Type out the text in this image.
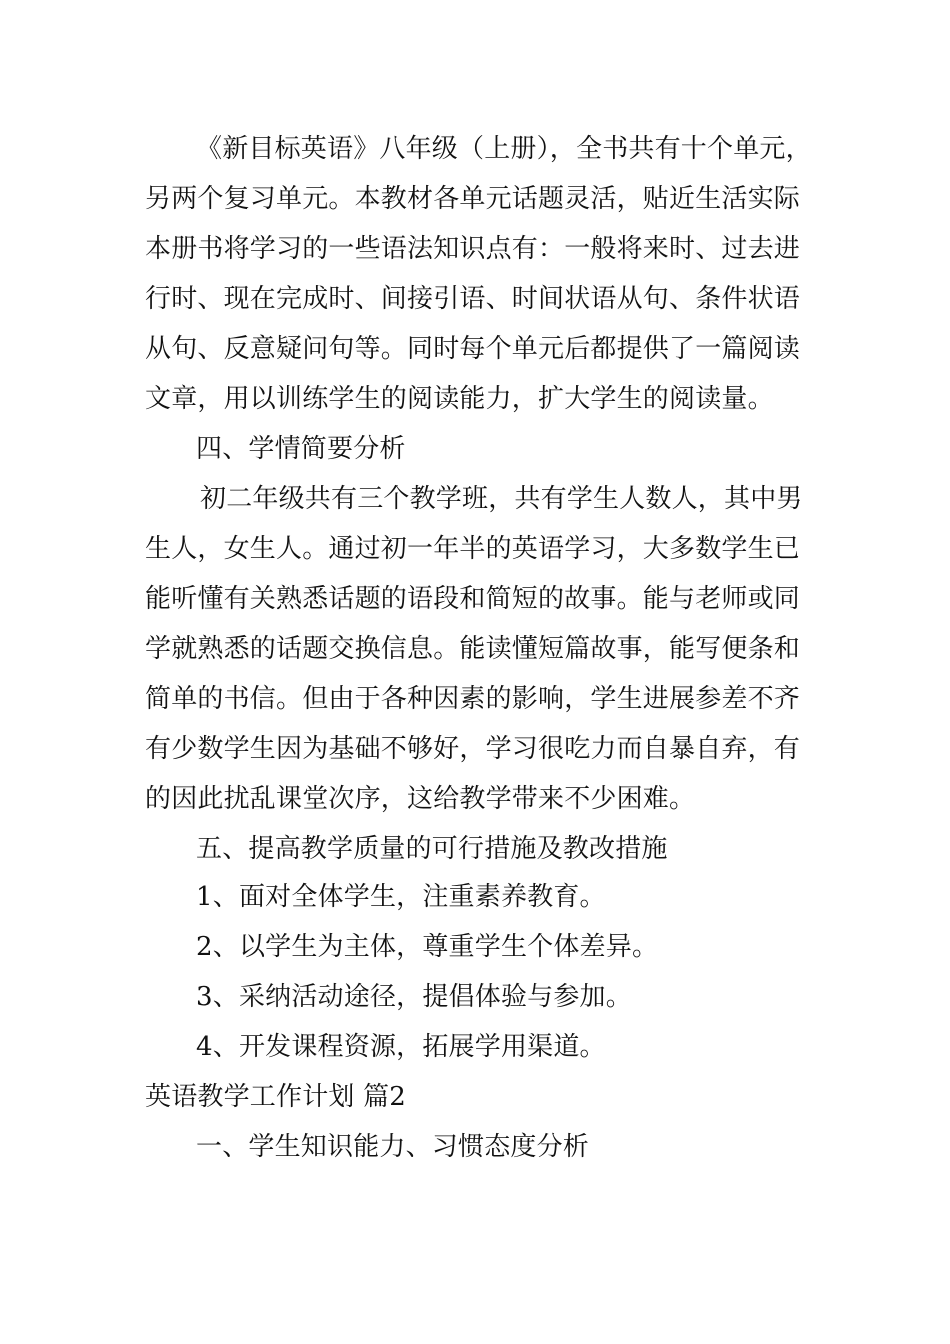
《新目标英语》八年级（上册），全书共有十个单元，
另两个复习单元。本教材各单元话题灵活，贴近生活实际
本册书将学习的一些语法知识点有：一般将来时、过去进
行时、现在完成时、间接引语、时间状语从句、条件状语
从句、反意疑问句等。同时每个单元后都提供了一篇阅读
文章，用以训练学生的阅读能力，扩大学生的阅读量。
四、学情简要分析
初二年级共有三个教学班，共有学生人数人，其中男
生人，女生人。通过初一年半的英语学习，大多数学生已
能听懂有关熟悉话题的语段和简短的故事。能与老师或同
学就熟悉的话题交换信息。能读懂短篇故事，能写便条和
简单的书信。但由于各种因素的影响，学生进展参差不齐
有少数学生因为基础不够好，学习很吃力而自暴自弃，有
的因此扰乱课堂次序，这给教学带来不少困难。
五、提高教学质量的可行措施及教改措施
1、面对全体学生，注重素养教育。
2、以学生为主体，尊重学生个体差异。
3、采纳活动途径，提倡体验与参加。
4、开发课程资源，拓展学用渠道。
英语教学工作计划 篇2
一、学生知识能力、习惯态度分析
